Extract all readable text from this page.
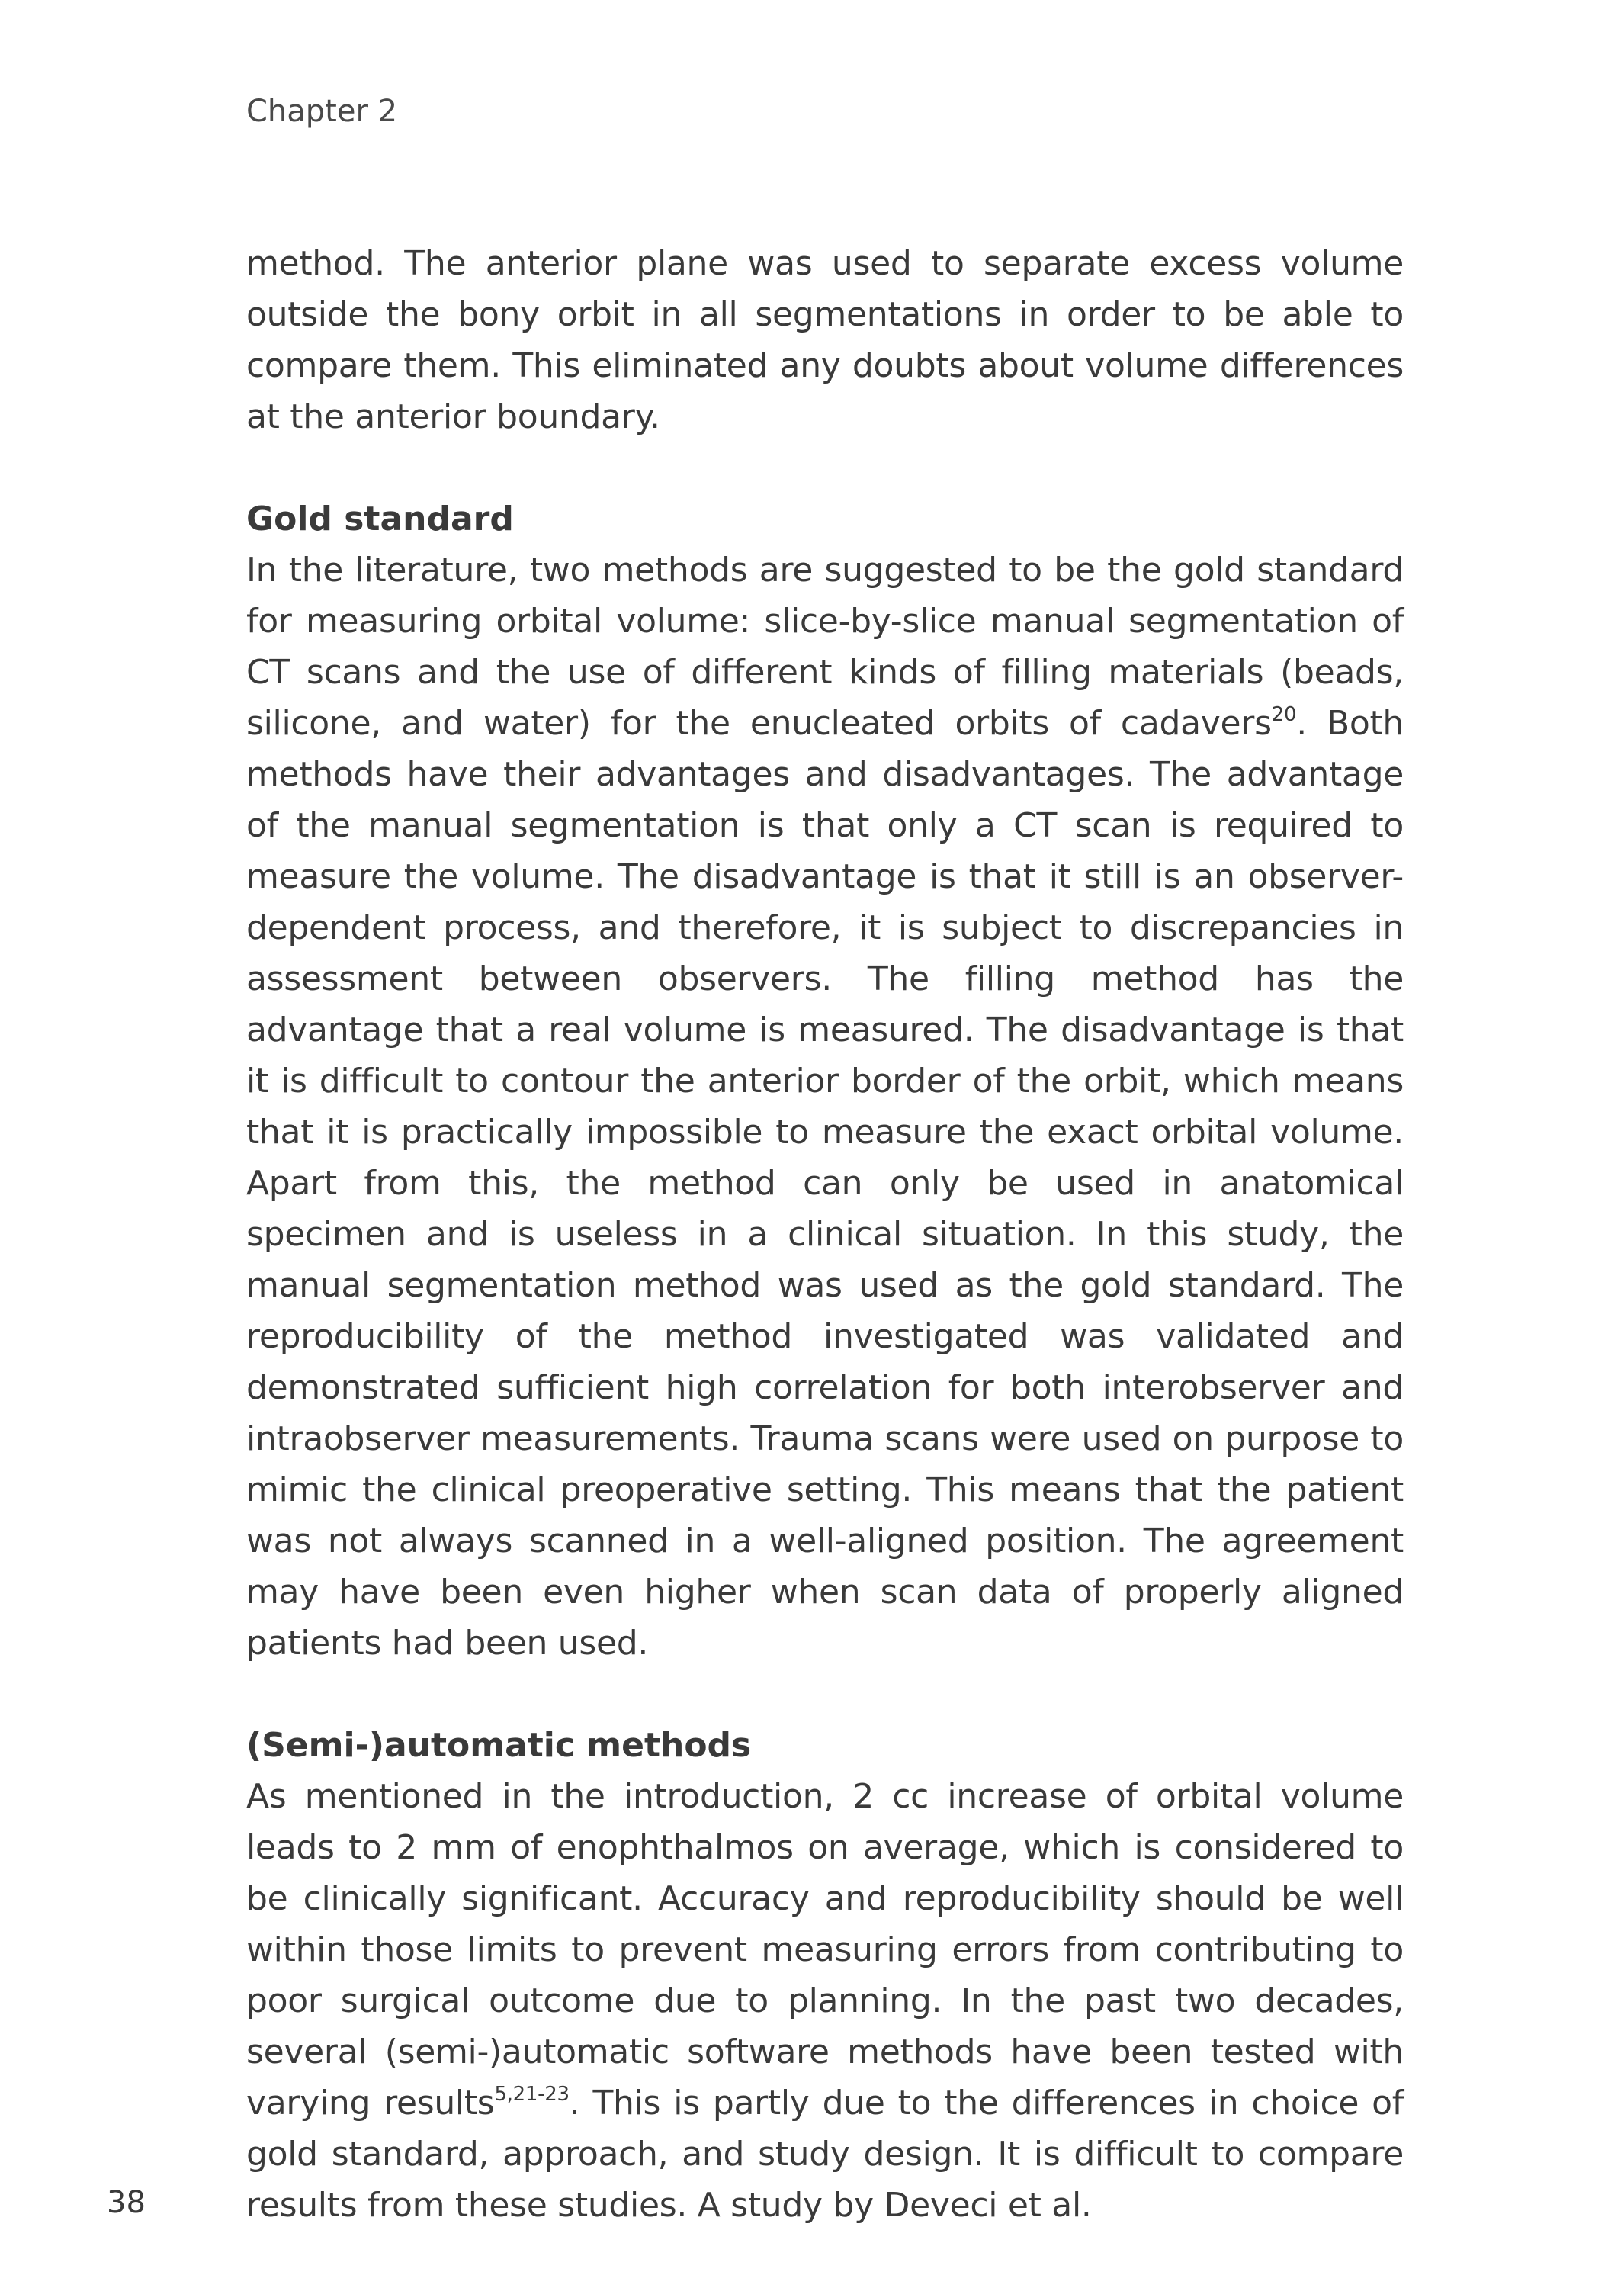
Chapter 2

method. The anterior plane was used to separate excess volume outside the bony orbit in all segmentations in order to be able to compare them. This eliminated any doubts about volume differences at the anterior boundary.

Gold standard

In the literature, two methods are suggested to be the gold standard for measuring orbital volume: slice-by-slice manual segmentation of CT scans and the use of different kinds of filling materials (beads, silicone, and water) for the enucleated orbits of cadavers$^{20}$. Both methods have their advantages and disadvantages. The advantage of the manual segmentation is that only a CT scan is required to measure the volume. The disadvantage is that it still is an observer-dependent process, and therefore, it is subject to discrepancies in assessment between observers. The filling method has the advantage that a real volume is measured. The disadvantage is that it is difficult to contour the anterior border of the orbit, which means that it is practically impossible to measure the exact orbital volume. Apart from this, the method can only be used in anatomical specimen and is useless in a clinical situation. In this study, the manual segmentation method was used as the gold standard. The reproducibility of the method investigated was validated and demonstrated sufficient high correlation for both interobserver and intraobserver measurements. Trauma scans were used on purpose to mimic the clinical preoperative setting. This means that the patient was not always scanned in a well-aligned position. The agreement may have been even higher when scan data of properly aligned patients had been used.

(Semi-)automatic methods

As mentioned in the introduction, 2 cc increase of orbital volume leads to 2 mm of enophthalmos on average, which is considered to be clinically significant. Accuracy and reproducibility should be well within those limits to prevent measuring errors from contributing to poor surgical outcome due to planning. In the past two decades, several (semi-)automatic software methods have been tested with varying results$^{5,21-23}$. This is partly due to the differences in choice of gold standard, approach, and study design. It is difficult to compare results from these studies. A study by Deveci et al.

38
